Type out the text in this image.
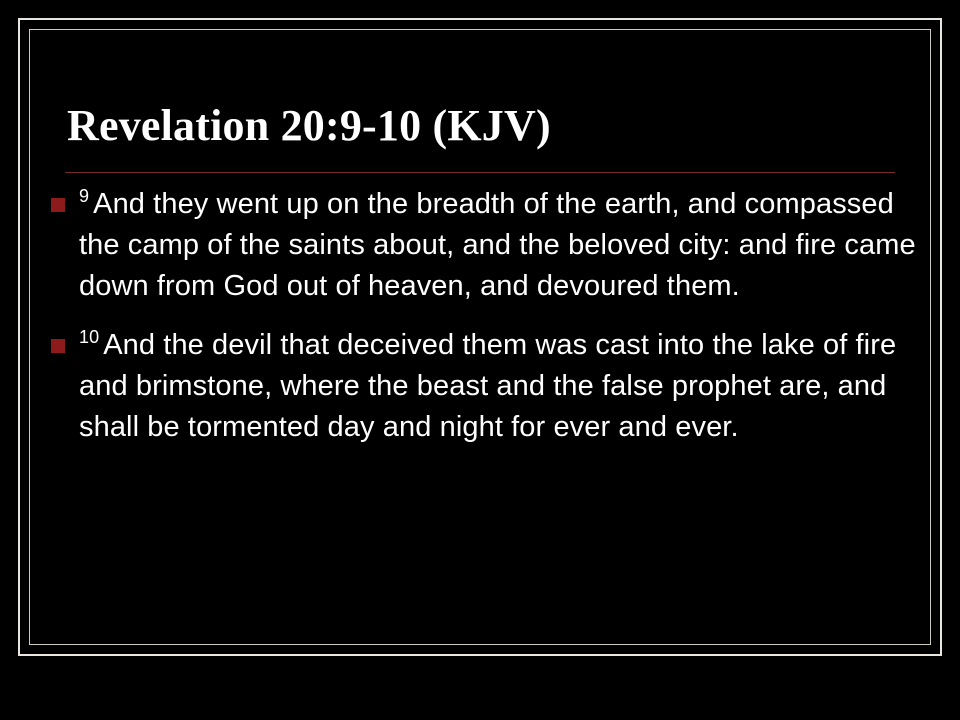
Revelation 20:9-10 (KJV)
$^9$ And they went up on the breadth of the earth, and compassed the camp of the saints about, and the beloved city: and fire came down from God out of heaven, and devoured them.
$^{10}$ And the devil that deceived them was cast into the lake of fire and brimstone, where the beast and the false prophet are, and shall be tormented day and night for ever and ever.
